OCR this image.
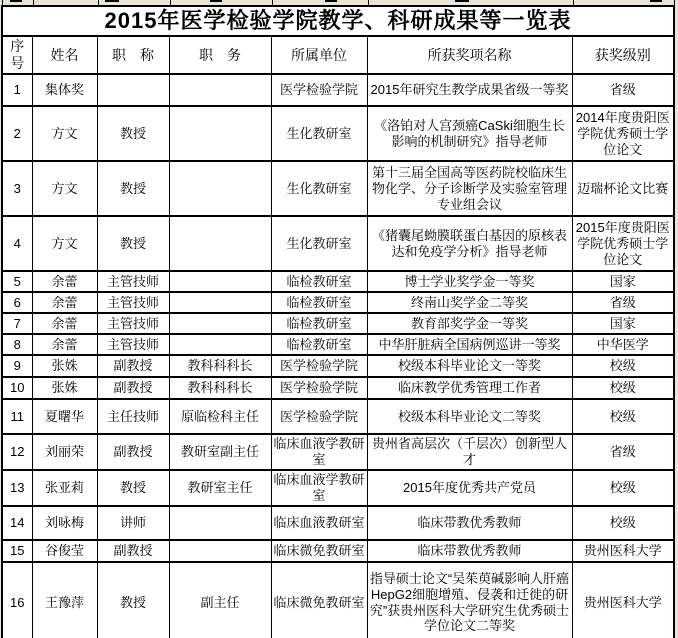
2015年医学检验学院教学、科研成果等一览表						
序号	姓名	职　称	职　务	所属单位	所获奖项名称	获奖级别
1	集体奖			医学检验学院	2015年研究生教学成果省级一等奖	省级
2	方文	教授		生化教研室	《洛铂对人宫颈癌CaSki细胞生长影响的机制研究》指导老师	2014年度贵阳医学院优秀硕士学位论文
3	方文	教授		生化教研室	第十三届全国高等医药院校临床生物化学、分子诊断学及实验室管理专业组会议	迈瑞杯论文比赛
4	方文	教授		生化教研室	《猪囊尾蚴膜联蛋白基因的原核表达和免疫学分析》指导老师	2015年度贵阳医学院优秀硕士学位论文
5	余蕾	主管技师		临检教研室	博士学业奖学金一等奖	国家
6	余蕾	主管技师		临检教研室	终南山奖学金二等奖	省级
7	余蕾	主管技师		临检教研室	教育部奖学金一等奖	国家
8	余蕾	主管技师		临检教研室	中华肝脏病全国病例巡讲一等奖	中华医学
9	张姝	副教授	教科科科长	医学检验学院	校级本科毕业论文一等奖	校级
10	张姝	副教授	教科科科长	医学检验学院	临床教学优秀管理工作者	校级
11	夏曙华	主任技师	原临检科主任	医学检验学院	校级本科毕业论文二等奖	校级
12	刘丽荣	副教授	教研室副主任	临床血液学教研室	贵州省高层次（千层次）创新型人才	省级
13	张亚莉	教授	教研室主任	临床血液学教研室	2015年度优秀共产党员	校级
14	刘咏梅	讲师		临床血液教研室	临床带教优秀教师	校级
15	谷俊莹	副教授		临床微免教研室	临床带教优秀教师	贵州医科大学
16	王豫萍	教授	副主任	临床微免教研室	指导硕士论文“吴茱萸碱影响人肝癌HepG2细胞增殖、侵袭和迁徙的研究”获贵州医科大学研究生优秀硕士学位论文二等奖	贵州医科大学
